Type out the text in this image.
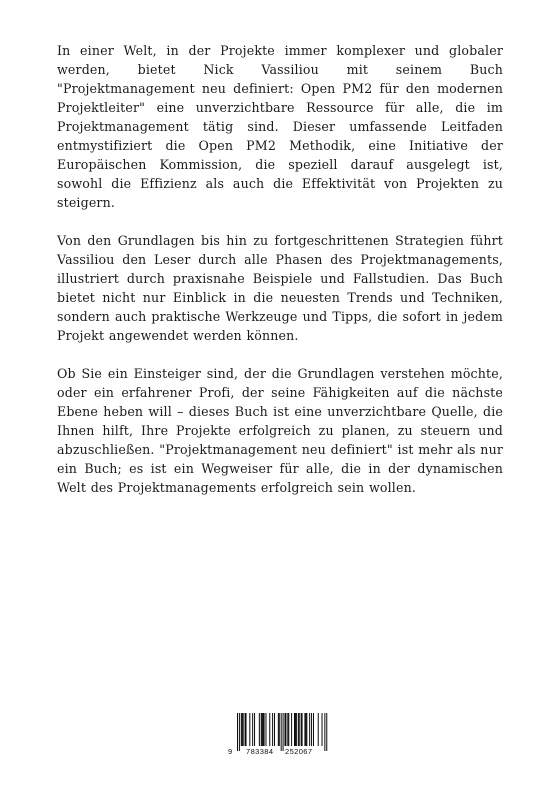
In einer Welt, in der Projekte immer komplexer und globaler werden, bietet Nick Vassiliou mit seinem Buch "Projektmanagement neu definiert: Open PM2 für den modernen Projektleiter" eine unverzichtbare Ressource für alle, die im Projektmanagement tätig sind. Dieser umfassende Leitfaden entmystifiziert die Open PM2 Methodik, eine Initiative der Europäischen Kommission, die speziell darauf ausgelegt ist, sowohl die Effizienz als auch die Effektivität von Projekten zu steigern.

Von den Grundlagen bis hin zu fortgeschrittenen Strategien führt Vassiliou den Leser durch alle Phasen des Projektmanagements, illustriert durch praxisnahe Beispiele und Fallstudien. Das Buch bietet nicht nur Einblick in die neuesten Trends und Techniken, sondern auch praktische Werkzeuge und Tipps, die sofort in jedem Projekt angewendet werden können.

Ob Sie ein Einsteiger sind, der die Grundlagen verstehen möchte, oder ein erfahrener Profi, der seine Fähigkeiten auf die nächste Ebene heben will – dieses Buch ist eine unverzichtbare Quelle, die Ihnen hilft, Ihre Projekte erfolgreich zu planen, zu steuern und abzuschließen. "Projektmanagement neu definiert" ist mehr als nur ein Buch; es ist ein Wegweiser für alle, die in der dynamischen Welt des Projektmanagements erfolgreich sein wollen.

9 783384 252067
